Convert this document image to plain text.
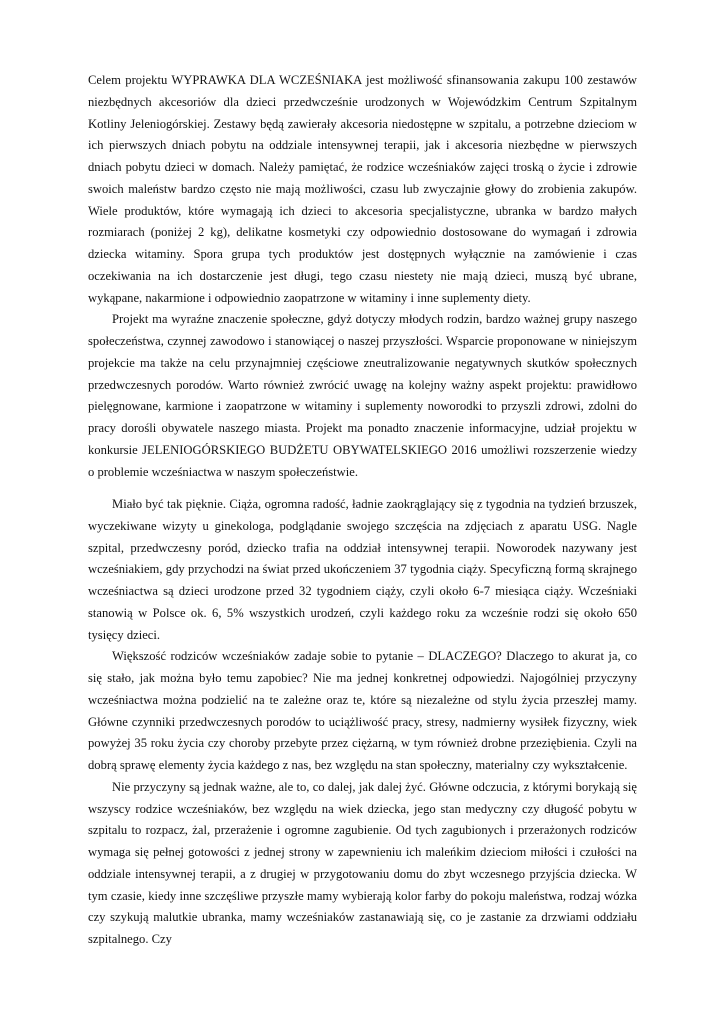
Celem projektu WYPRAWKA DLA WCZEŚNIAKA jest możliwość sfinansowania zakupu 100 zestawów niezbędnych akcesoriów dla dzieci przedwcześnie urodzonych w Wojewódzkim Centrum Szpitalnym Kotliny Jeleniogórskiej. Zestawy będą zawierały akcesoria niedostępne w szpitalu, a potrzebne dzieciom w ich pierwszych dniach pobytu na oddziale intensywnej terapii, jak i akcesoria niezbędne w pierwszych dniach pobytu dzieci w domach. Należy pamiętać, że rodzice wcześniaków zajęci troską o życie i zdrowie swoich maleństw bardzo często nie mają możliwości, czasu lub zwyczajnie głowy do zrobienia zakupów. Wiele produktów, które wymagają ich dzieci to akcesoria specjalistyczne, ubranka w bardzo małych rozmiarach (poniżej 2 kg), delikatne kosmetyki czy odpowiednio dostosowane do wymagań i zdrowia dziecka witaminy. Spora grupa tych produktów jest dostępnych wyłącznie na zamówienie i czas oczekiwania na ich dostarczenie jest długi, tego czasu niestety nie mają dzieci, muszą być ubrane, wykąpane, nakarmione i odpowiednio zaopatrzone w witaminy i inne suplementy diety.

Projekt ma wyraźne znaczenie społeczne, gdyż dotyczy młodych rodzin, bardzo ważnej grupy naszego społeczeństwa, czynnej zawodowo i stanowiącej o naszej przyszłości. Wsparcie proponowane w niniejszym projekcie ma także na celu przynajmniej częściowe zneutralizowanie negatywnych skutków społecznych przedwczesnych porodów. Warto również zwrócić uwagę na kolejny ważny aspekt projektu: prawidłowo pielęgnowane, karmione i zaopatrzone w witaminy i suplementy noworodki to przyszli zdrowi, zdolni do pracy dorośli obywatele naszego miasta. Projekt ma ponadto znaczenie informacyjne, udział projektu w konkursie JELENIOGÓRSKIEGO BUDŻETU OBYWATELSKIEGO 2016 umożliwi rozszerzenie wiedzy o problemie wcześniactwa w naszym społeczeństwie.

Miało być tak pięknie. Ciąża, ogromna radość, ładnie zaokrąglający się z tygodnia na tydzień brzuszek, wyczekiwane wizyty u ginekologa, podglądanie swojego szczęścia na zdjęciach z aparatu USG. Nagle szpital, przedwczesny poród, dziecko trafia na oddział intensywnej terapii. Noworodek nazywany jest wcześniakiem, gdy przychodzi na świat przed ukończeniem 37 tygodnia ciąży. Specyficzną formą skrajnego wcześniactwa są dzieci urodzone przed 32 tygodniem ciąży, czyli około 6-7 miesiąca ciąży. Wcześniaki stanowią w Polsce ok. 6, 5% wszystkich urodzeń, czyli każdego roku za wcześnie rodzi się około 650 tysięcy dzieci.

Większość rodziców wcześniaków zadaje sobie to pytanie – DLACZEGO? Dlaczego to akurat ja, co się stało, jak można było temu zapobiec? Nie ma jednej konkretnej odpowiedzi. Najogólniej przyczyny wcześniactwa można podzielić na te zależne oraz te, które są niezależne od stylu życia przeszłej mamy. Główne czynniki przedwczesnych porodów to uciążliwość pracy, stresy, nadmierny wysiłek fizyczny, wiek powyżej 35 roku życia czy choroby przebyte przez ciężarną, w tym również drobne przeziębienia. Czyli na dobrą sprawę elementy życia każdego z nas, bez względu na stan społeczny, materialny czy wykształcenie.

Nie przyczyny są jednak ważne, ale to, co dalej, jak dalej żyć. Główne odczucia, z którymi borykają się wszyscy rodzice wcześniaków, bez względu na wiek dziecka, jego stan medyczny czy długość pobytu w szpitalu to rozpacz, żal, przerażenie i ogromne zagubienie. Od tych zagubionych i przerażonych rodziców wymaga się pełnej gotowości z jednej strony w zapewnieniu ich maleńkim dzieciom miłości i czułości na oddziale intensywnej terapii, a z drugiej w przygotowaniu domu do zbyt wczesnego przyjścia dziecka. W tym czasie, kiedy inne szczęśliwe przyszłe mamy wybierają kolor farby do pokoju maleństwa, rodzaj wózka czy szykują malutkie ubranka, mamy wcześniaków zastanawiają się, co je zastanie za drzwiami oddziału szpitalnego. Czy
